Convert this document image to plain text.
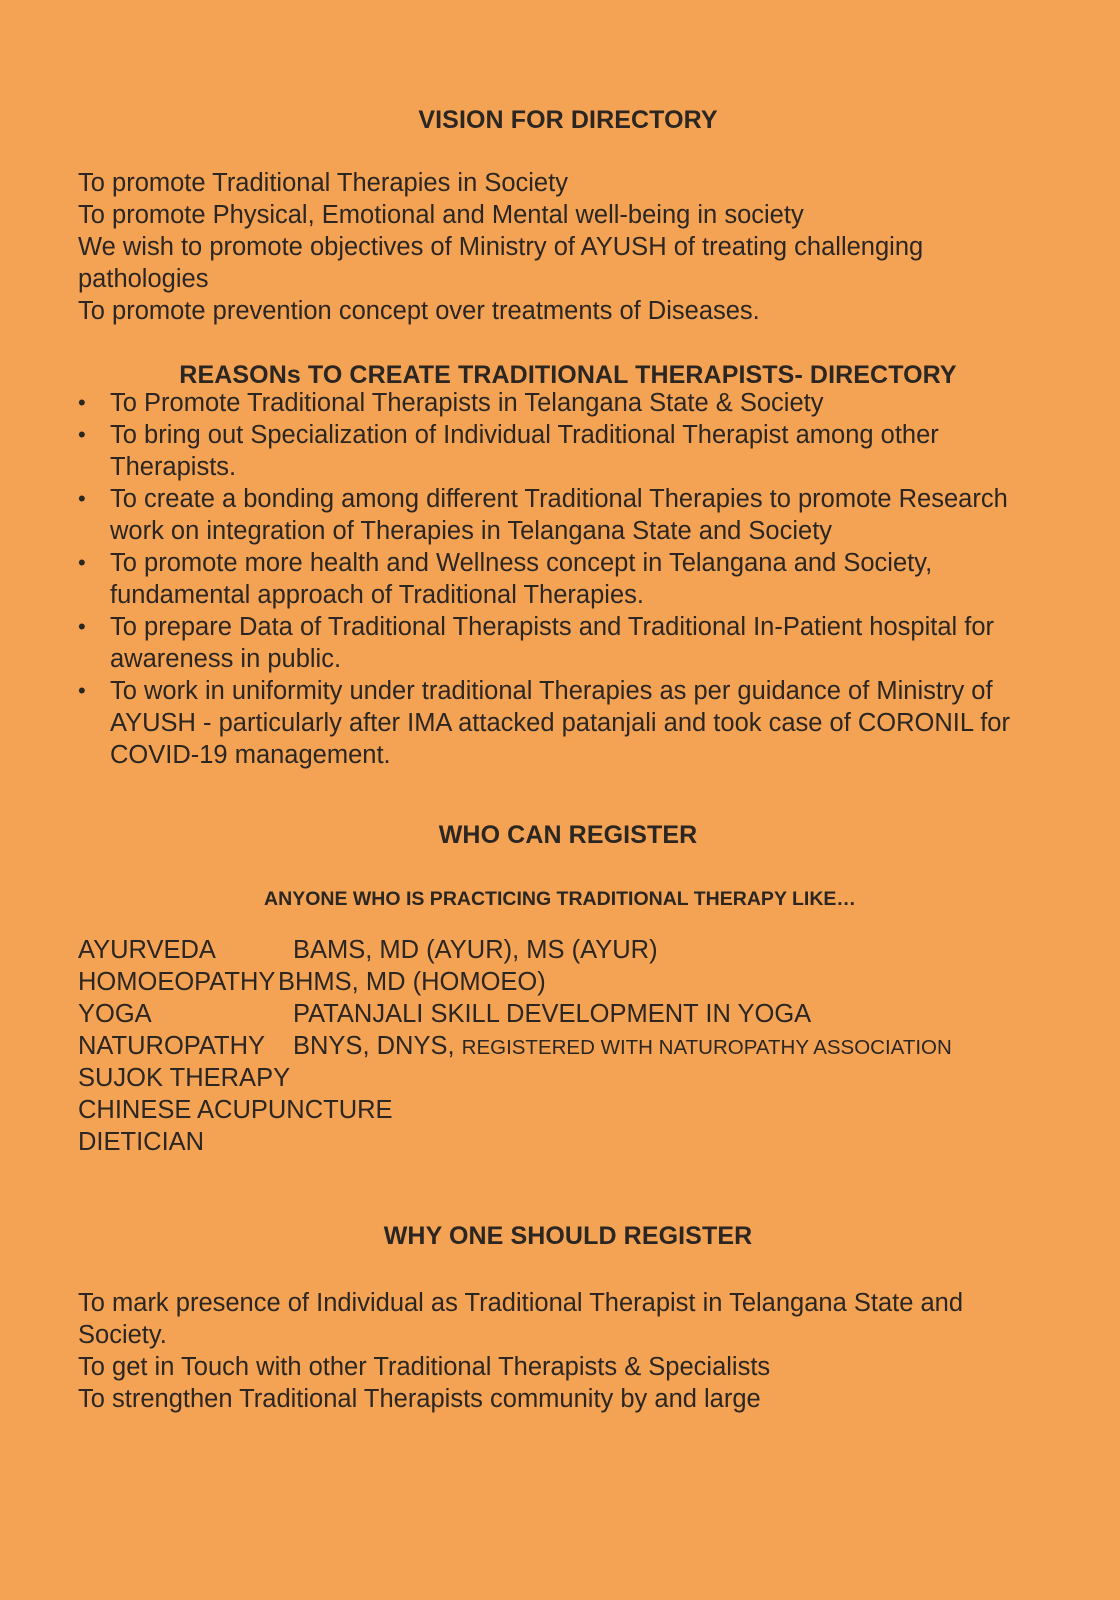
VISION FOR DIRECTORY

To promote Traditional Therapies in Society

To promote Physical, Emotional and Mental well-being in society

We wish to promote objectives of Ministry of AYUSH of treating challenging pathologies

To promote prevention concept over treatments of Diseases.

REASONs TO CREATE TRADITIONAL THERAPISTS- DIRECTORY
• To Promote Traditional Therapists in Telangana State & Society
• To bring out Specialization of Individual Traditional Therapist among other Therapists.
• To create a bonding among different Traditional Therapies to promote Research work on integration of Therapies in Telangana State and Society
• To promote more health and Wellness concept in Telangana and Society, fundamental approach of Traditional Therapies.
• To prepare Data of Traditional Therapists and Traditional In-Patient hospital for awareness in public.
• To work in uniformity under traditional Therapies as per guidance of Ministry of AYUSH - particularly after IMA attacked patanjali and took case of CORONIL for COVID-19 management.
WHO CAN REGISTER
ANYONE WHO IS PRACTICING TRADITIONAL THERAPY LIKE…
AYURVEDA	BAMS, MD (AYUR), MS (AYUR)
HOMOEOPATHY BHMS, MD (HOMOEO)
YOGA	PATANJALI SKILL DEVELOPMENT IN YOGA
NATUROPATHY BNYS, DNYS, REGISTERED WITH NATUROPATHY ASSOCIATION
SUJOK THERAPY
CHINESE ACUPUNCTURE
DIETICIAN
WHY ONE SHOULD REGISTER

To mark presence of Individual as Traditional Therapist in Telangana State and Society.

To get in Touch with other Traditional Therapists & Specialists

To strengthen Traditional Therapists community by and large
